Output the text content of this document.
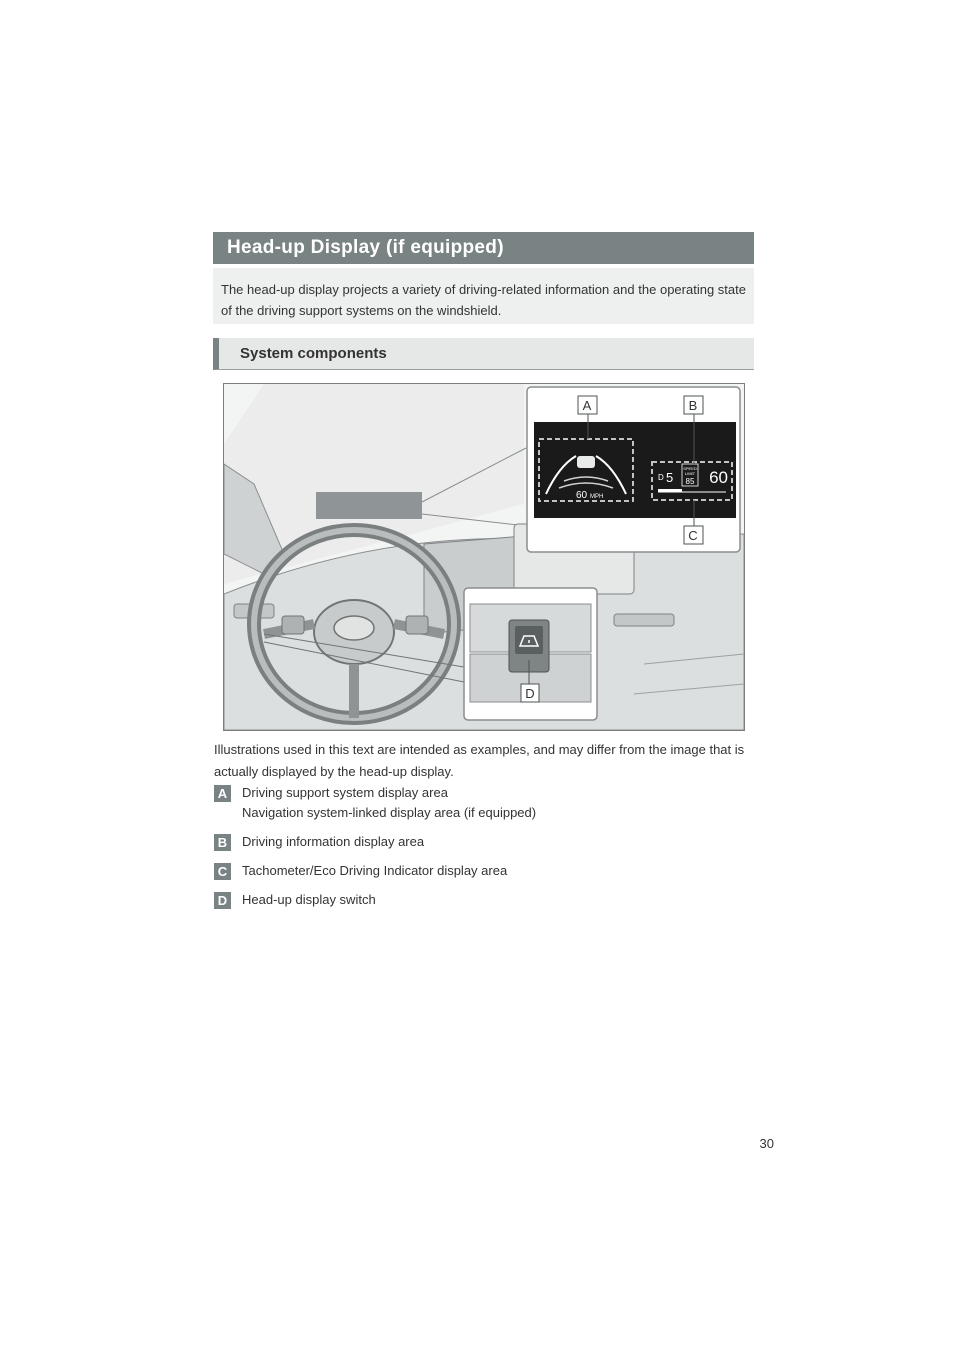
Head-up Display (if equipped)
The head-up display projects a variety of driving-related information and the operating state of the driving support systems on the windshield.
System components
D
60 MPH
D 5
SPEED
LIMIT
85 60
A	B
C
Illustrations used in this text are intended as examples, and may differ from the image that is actually displayed by the head-up display.
A Driving support system display area
Navigation system-linked display area (if equipped)
B Driving information display area
C Tachometer/Eco Driving Indicator display area
D Head-up display switch
30
